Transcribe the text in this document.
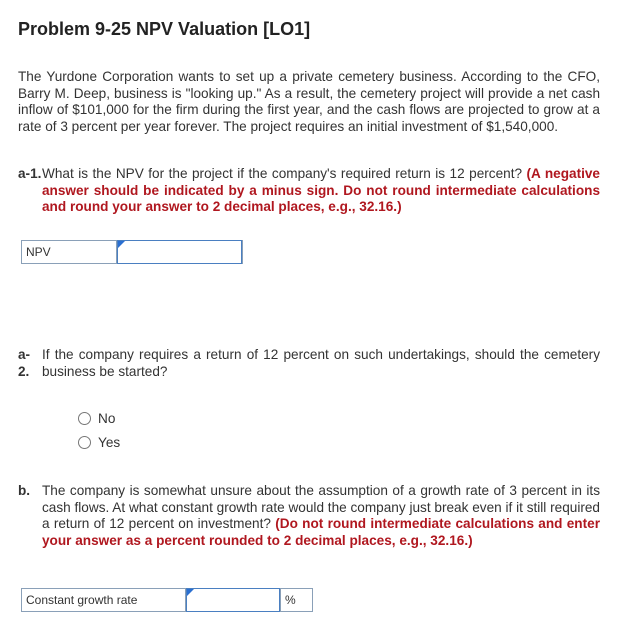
Problem 9-25 NPV Valuation [LO1]
The Yurdone Corporation wants to set up a private cemetery business. According to the CFO, Barry M. Deep, business is "looking up." As a result, the cemetery project will provide a net cash inflow of $101,000 for the firm during the first year, and the cash flows are projected to grow at a rate of 3 percent per year forever. The project requires an initial investment of $1,540,000.
a-1. What is the NPV for the project if the company's required return is 12 percent? (A negative answer should be indicated by a minus sign. Do not round intermediate calculations and round your answer to 2 decimal places, e.g., 32.16.)
NPV
a-
2.
If the company requires a return of 12 percent on such undertakings, should the cemetery business be started?
No
Yes
b. The company is somewhat unsure about the assumption of a growth rate of 3 percent in its cash flows. At what constant growth rate would the company just break even if it still required a return of 12 percent on investment? (Do not round intermediate calculations and enter your answer as a percent rounded to 2 decimal places, e.g., 32.16.)
Constant growth rate	%
